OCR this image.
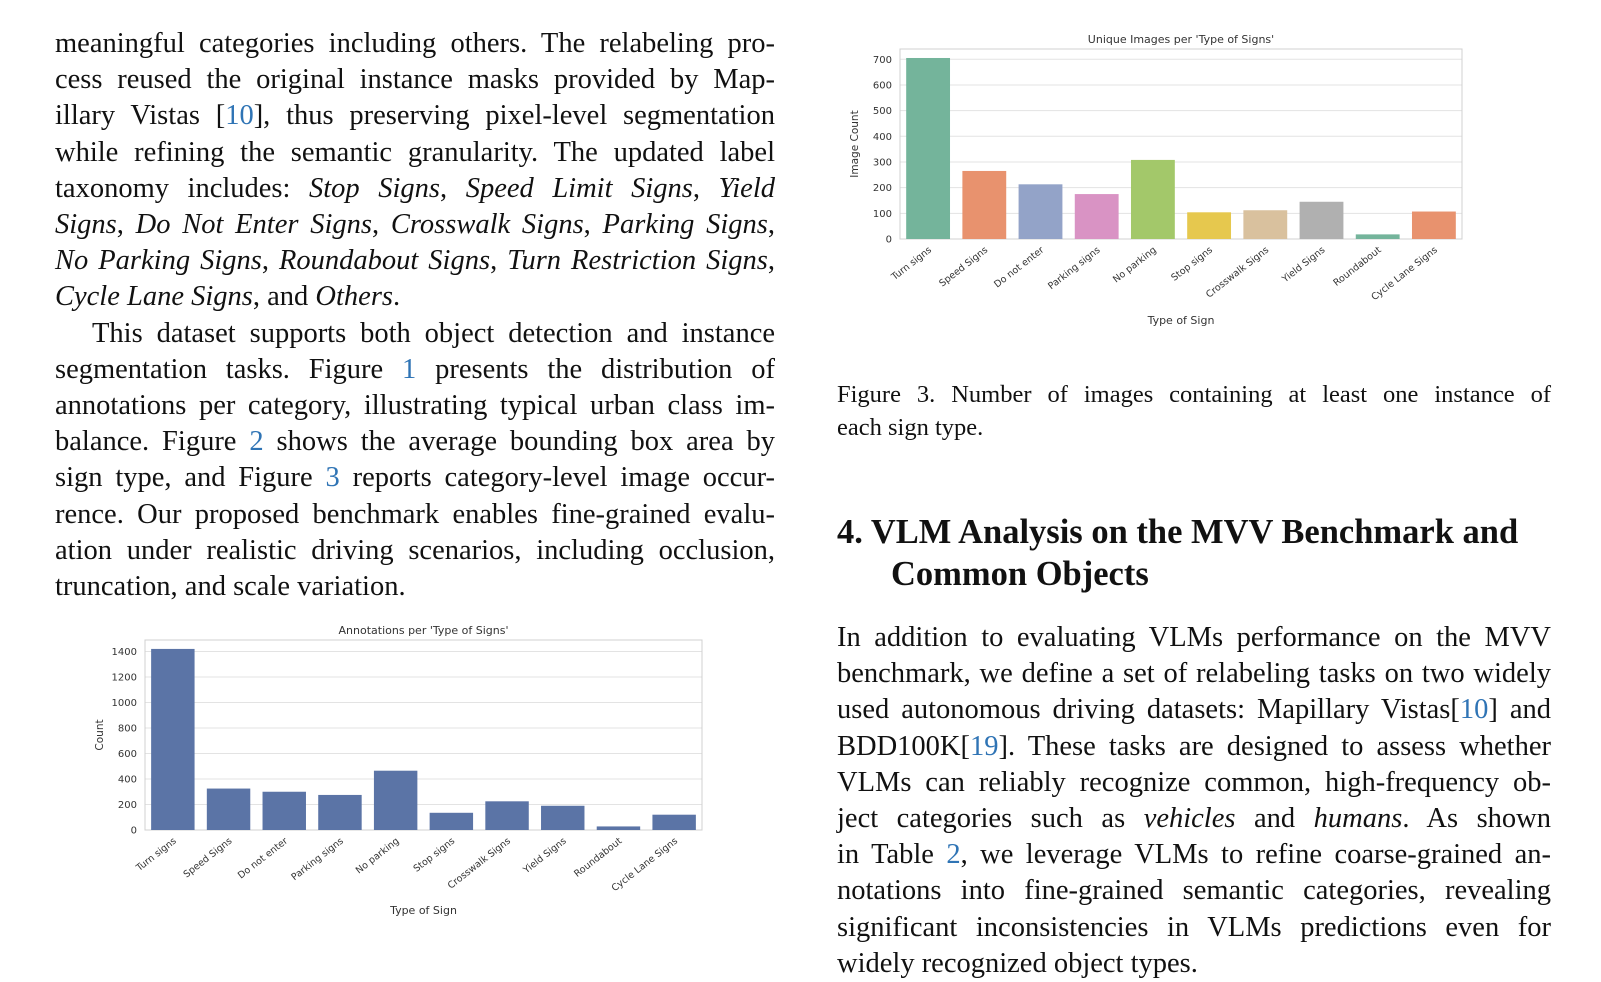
meaningful categories including others. The relabeling pro-
cess reused the original instance masks provided by Map-
illary Vistas [10], thus preserving pixel-level segmentation
while refining the semantic granularity. The updated label
taxonomy includes: Stop Signs, Speed Limit Signs, Yield
Signs, Do Not Enter Signs, Crosswalk Signs, Parking Signs,
No Parking Signs, Roundabout Signs, Turn Restriction Signs,
Cycle Lane Signs, and Others.
This dataset supports both object detection and instance
segmentation tasks. Figure 1 presents the distribution of
annotations per category, illustrating typical urban class im-
balance. Figure 2 shows the average bounding box area by
sign type, and Figure 3 reports category-level image occur-
rence. Our proposed benchmark enables fine-grained evalu-
ation under realistic driving scenarios, including occlusion,
truncation, and scale variation.
Annotations per 'Type of Signs'
0
200
400
600
800
1000
1200
1400
Turn signs Speed Signs Do not enter Parking signs No parking Stop signs
Crosswalk Signs Yield Signs Roundabout
Cycle Lane Signs
Count
Type of Sign
Unique Images per 'Type of Signs'
0
100
200
300
400
500
600
700
Turn signs Speed Signs Do not enter Parking signs No parking Stop signs
Crosswalk Signs Yield Signs Roundabout
Cycle Lane Signs
Image Count
Type of Sign
Figure 3. Number of images containing at least one instance of
each sign type.
4. VLM Analysis on the MVV Benchmark and
Common Objects
In addition to evaluating VLMs performance on the MVV
benchmark, we define a set of relabeling tasks on two widely
used autonomous driving datasets: Mapillary Vistas[10] and
BDD100K[19]. These tasks are designed to assess whether
VLMs can reliably recognize common, high-frequency ob-
ject categories such as vehicles and humans. As shown
in Table 2, we leverage VLMs to refine coarse-grained an-
notations into fine-grained semantic categories, revealing
significant inconsistencies in VLMs predictions even for
widely recognized object types.
